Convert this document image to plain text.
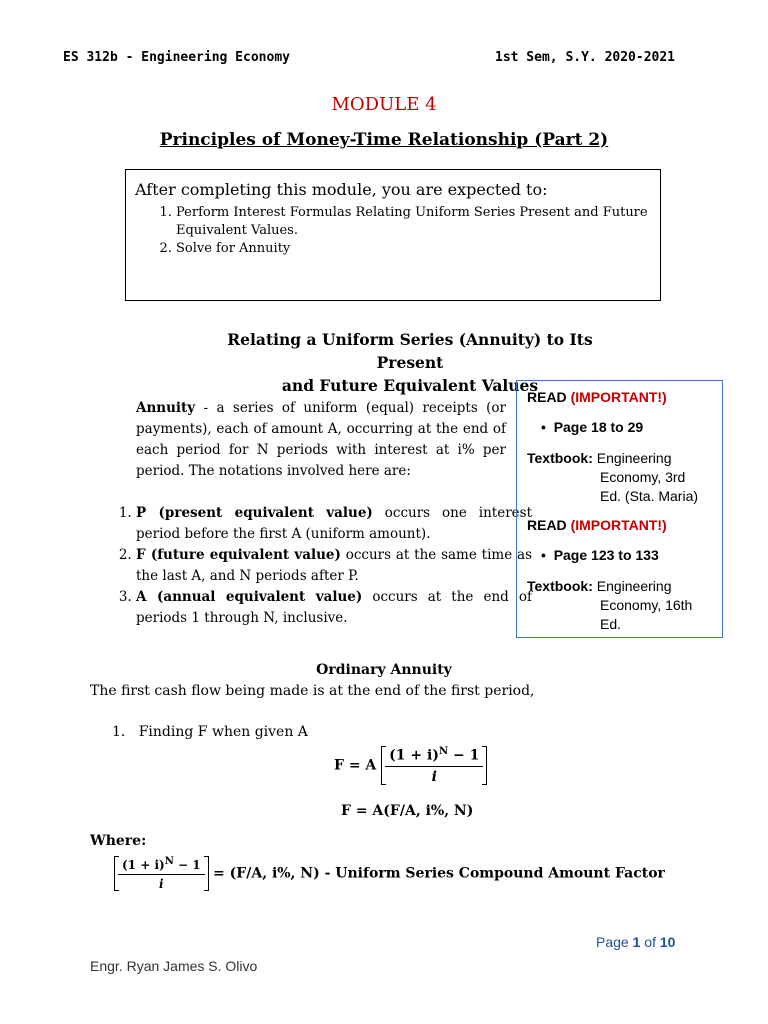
ES 312b - Engineering Economy	1st Sem, S.Y. 2020-2021
MODULE 4
Principles of Money-Time Relationship (Part 2)
After completing this module, you are expected to:
1. Perform Interest Formulas Relating Uniform Series Present and Future Equivalent Values.
2. Solve for Annuity
Relating a Uniform Series (Annuity) to Its Present
and Future Equivalent Values
Annuity - a series of uniform (equal) receipts (or payments), each of amount A, occurring at the end of each period for N periods with interest at i% per period. The notations involved here are:
1. P (present equivalent value) occurs one interest period before the first A (uniform amount).
2. F (future equivalent value) occurs at the same time as the last A, and N periods after P.
3. A (annual equivalent value) occurs at the end of periods 1 through N, inclusive.
READ (IMPORTANT!)
•  Page 18 to 29
Textbook: Engineering
Economy, 3rd
Ed. (Sta. Maria)
READ (IMPORTANT!)
•  Page 123 to 133
Textbook: Engineering
Economy, 16th
Ed.
Ordinary Annuity
The first cash flow being made is at the end of the first period,
1.   Finding F when given A
F = A $\frac{(1 + i)^N - 1}{i}$
F = A(F/A, i%, N)
Where:
$\frac{(1 + i)^N - 1}{i} = (F/A$, i%, N) - Uniform Series Compound Amount Factor
Page 1 of 10
Engr. Ryan James S. Olivo
